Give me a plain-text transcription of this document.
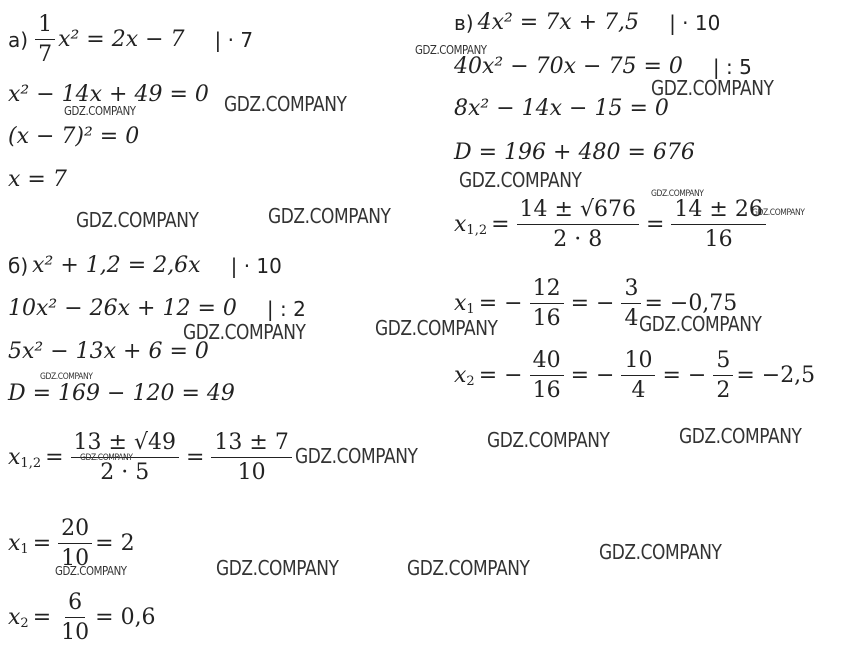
$а) \frac{1}{7} x^2 = 2x - 7$ | · 7
x² − 14x + 49 = 0
(x − 7)² = 0
x = 7
б) x² + 1,2 = 2,6x | · 10
10x² − 26x + 12 = 0 | : 2
5x² − 13x + 6 = 0
D = 169 − 120 = 49
x $1,2 = \frac{13 \pm √49}{2 \cdot 5} = \frac{13 \pm 7}{10}$
x $1 = \frac{20}{10} = 2$
x $2 = \frac{6}{10} = 0,6$
в) 4x² = 7x + 7,5 | · 10
40x² − 70x − 75 = 0 | : 5
8x² − 14x − 15 = 0
D = 196 + 480 = 676
x $1,2 = \frac{14 \pm √676}{2 \cdot 8} = \frac{14 \pm 26}{16}$
x 1 = − $\frac{12}{16}$ = − $\frac{3}{4} = -0,75$
x 2 = − $\frac{40}{16}$ = − $\frac{10}{4}$ = − $\frac{5}{2} = -2,5$
GDZ.COMPANY
GDZ.COMPANY
GDZ.COMPANY
GDZ.COMPANY
GDZ.COMPANY
GDZ.COMPANY
GDZ.COMPANY
GDZ.COMPANY	GDZ.COMPANY
GDZ.COMPANY
GDZ.COMPANY	GDZ.COMPANY
GDZ.COMPANY
GDZ.COMPANY	GDZ.COMPANY
GDZ.COMPANY
GDZ.COMPANY
GDZ.COMPANY
GDZ.COMPANY	GDZ.COMPANY
GDZ.COMPANY
